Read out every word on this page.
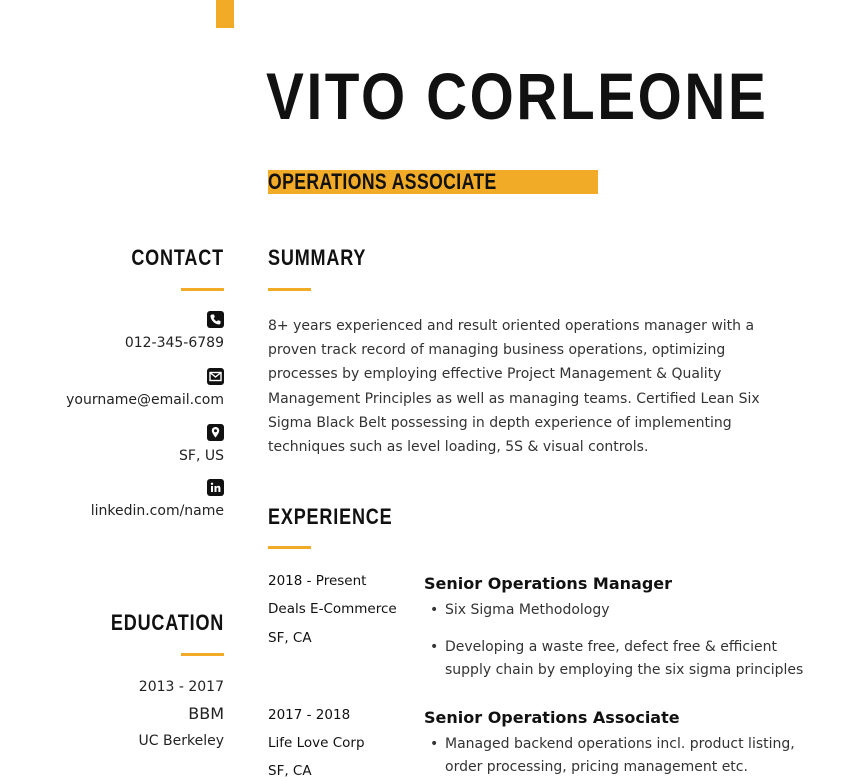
VITO CORLEONE
OPERATIONS ASSOCIATE
CONTACT
012-345-6789
yourname@email.com
SF, US
linkedin.com/name
EDUCATION
2013 - 2017
BBM
UC Berkeley
SUMMARY
8+ years experienced and result oriented operations manager with a proven track record of managing business operations, optimizing processes by employing effective Project Management & Quality Management Principles as well as managing teams. Certified Lean Six Sigma Black Belt possessing in depth experience of implementing techniques such as level loading, 5S & visual controls.
EXPERIENCE
2018 - Present
Deals E-Commerce
SF, CA
Senior Operations Manager
• Six Sigma Methodology
• Developing a waste free, defect free & efficient supply chain by employing the six sigma principles
2017 - 2018
Life Love Corp
SF, CA
Senior Operations Associate
• Managed backend operations incl. product listing, order processing, pricing management etc.
